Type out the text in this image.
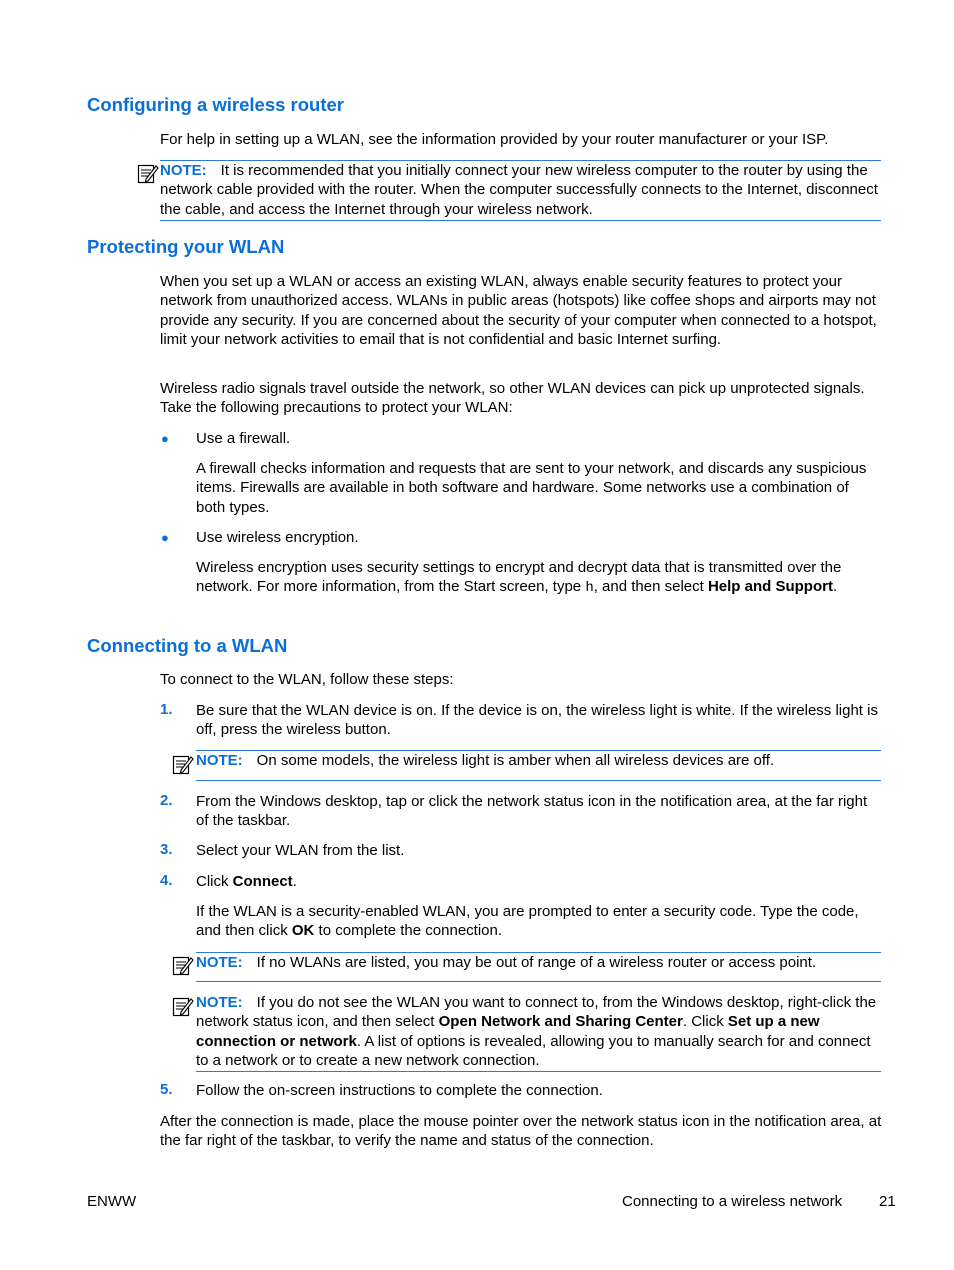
Configuring a wireless router

For help in setting up a WLAN, see the information provided by your router manufacturer or your ISP.

NOTE: It is recommended that you initially connect your new wireless computer to the router by using the network cable provided with the router. When the computer successfully connects to the Internet, disconnect the cable, and access the Internet through your wireless network.
Protecting your WLAN

When you set up a WLAN or access an existing WLAN, always enable security features to protect your network from unauthorized access. WLANs in public areas (hotspots) like coffee shops and airports may not provide any security. If you are concerned about the security of your computer when connected to a hotspot, limit your network activities to email that is not confidential and basic Internet surfing.

Wireless radio signals travel outside the network, so other WLAN devices can pick up unprotected signals. Take the following precautions to protect your WLAN:

● Use a firewall.

A firewall checks information and requests that are sent to your network, and discards any suspicious items. Firewalls are available in both software and hardware. Some networks use a combination of both types.

● Use wireless encryption.

Wireless encryption uses security settings to encrypt and decrypt data that is transmitted over the network. For more information, from the Start screen, type h, and then select Help and Support.

Connecting to a WLAN

To connect to the WLAN, follow these steps:

1. Be sure that the WLAN device is on. If the device is on, the wireless light is white. If the wireless light is off, press the wireless button.

NOTE: On some models, the wireless light is amber when all wireless devices are off.
2. From the Windows desktop, tap or click the network status icon in the notification area, at the far right of the taskbar.

3. Select your WLAN from the list.

4. Click Connect.

If the WLAN is a security-enabled WLAN, you are prompted to enter a security code. Type the code, and then click OK to complete the connection.

NOTE: If no WLANs are listed, you may be out of range of a wireless router or access point.
NOTE: If you do not see the WLAN you want to connect to, from the Windows desktop, right-click the network status icon, and then select Open Network and Sharing Center. Click Set up a new connection or network. A list of options is revealed, allowing you to manually search for and connect to a network or to create a new network connection.
5. Follow the on-screen instructions to complete the connection.

After the connection is made, place the mouse pointer over the network status icon in the notification area, at the far right of the taskbar, to verify the name and status of the connection.

ENWW	Connecting to a wireless network 21
